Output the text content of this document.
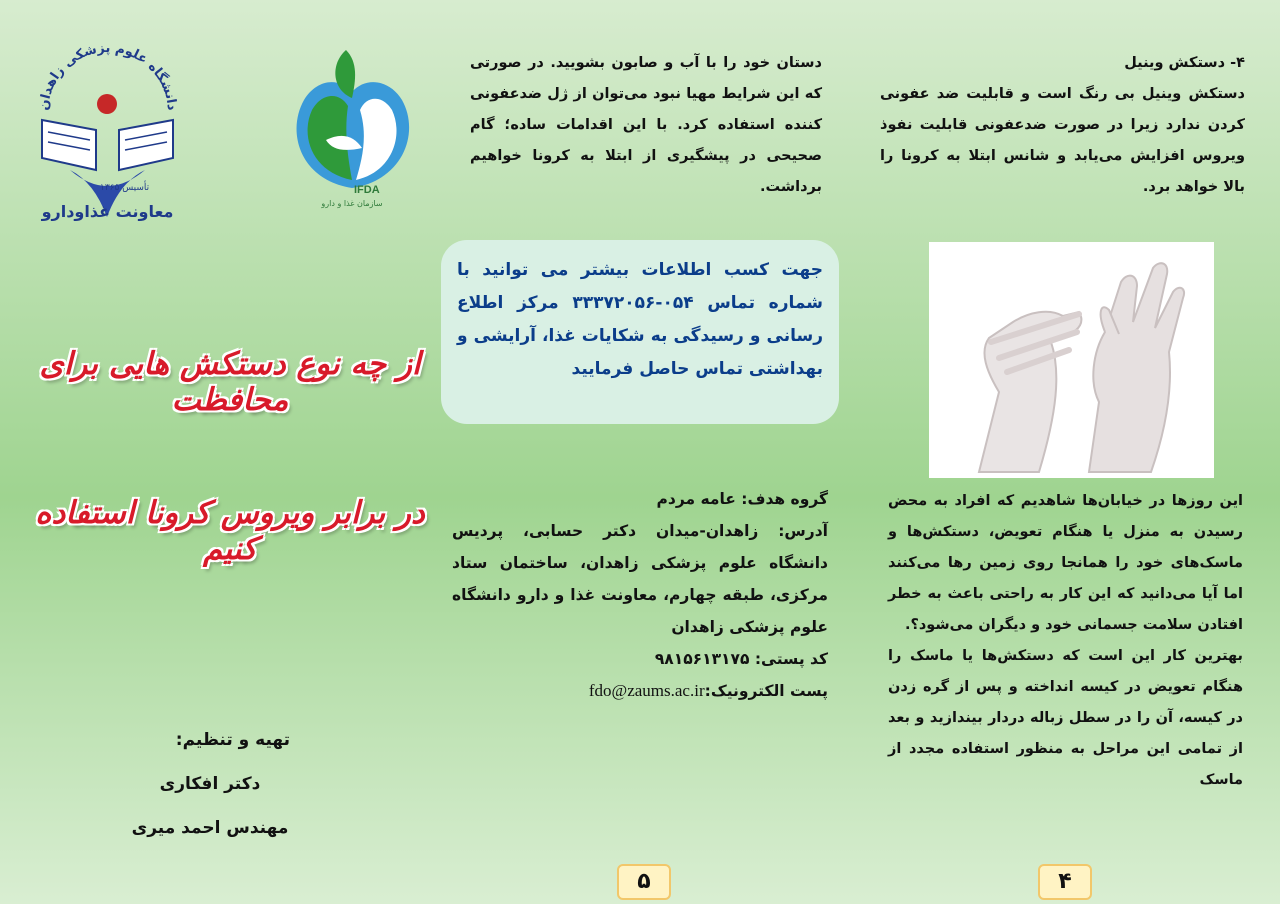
دانشگاه علوم پزشکی زاهدان
تأسیس ۱۳۶۵
معاونت غذاودارو
IFDA
سازمان غذا و دارو
از چه نوع دستکش هایی برای محافظت
در برابر ویروس کرونا استفاده کنیم
تهیه و تنظیم:
دکتر افکاری
مهندس احمد میری
دستان خود را با آب و صابون بشویید. در صورتی که این شرایط مهیا نبود می‌توان از ژل ضدعفونی کننده استفاده کرد. با این اقدامات ساده؛ گام صحیحی در پیشگیری از ابتلا به کرونا خواهیم برداشت.
جهت کسب اطلاعات بیشتر می توانید با شماره تماس ۰۵۴-۳۳۳۷۲۰۵۶ مرکز اطلاع رسانی و رسیدگی به شکایات غذا، آرایشی و بهداشتی تماس حاصل فرمایید

گروه هدف: عامه مردم

آدرس: زاهدان-میدان دکتر حسابی، پردیس دانشگاه علوم پزشکی زاهدان، ساختمان ستاد مرکزی، طبقه چهارم، معاونت غذا و دارو دانشگاه علوم پزشکی زاهدان

کد پستی: ۹۸۱۵۶۱۳۱۷۵

پست الکترونیک:fdo@zaums.ac.ir

۴- دستکش وینیل

دستکش وینیل بی رنگ است و قابلیت ضد عفونی کردن ندارد زیرا در صورت ضدعفونی قابلیت نفوذ ویروس افزایش می‌یابد و شانس ابتلا به کرونا را بالا خواهد برد.

این روزها در خیابان‌ها شاهدیم که افراد به محض رسیدن به منزل یا هنگام تعویض، دستکش‌ها و ماسک‌های خود را همانجا روی زمین رها می‌کنند اما آیا می‌دانید که این کار به راحتی باعث به خطر افتادن سلامت جسمانی خود و دیگران می‌شود؟.

بهترین کار این است که دستکش‌ها یا ماسک را هنگام تعویض در کیسه انداخته و پس از گره زدن در کیسه، آن را در سطل زباله دردار بیندازید و بعد از تمامی این مراحل به منظور استفاده مجدد از ماسک

۵	۴
